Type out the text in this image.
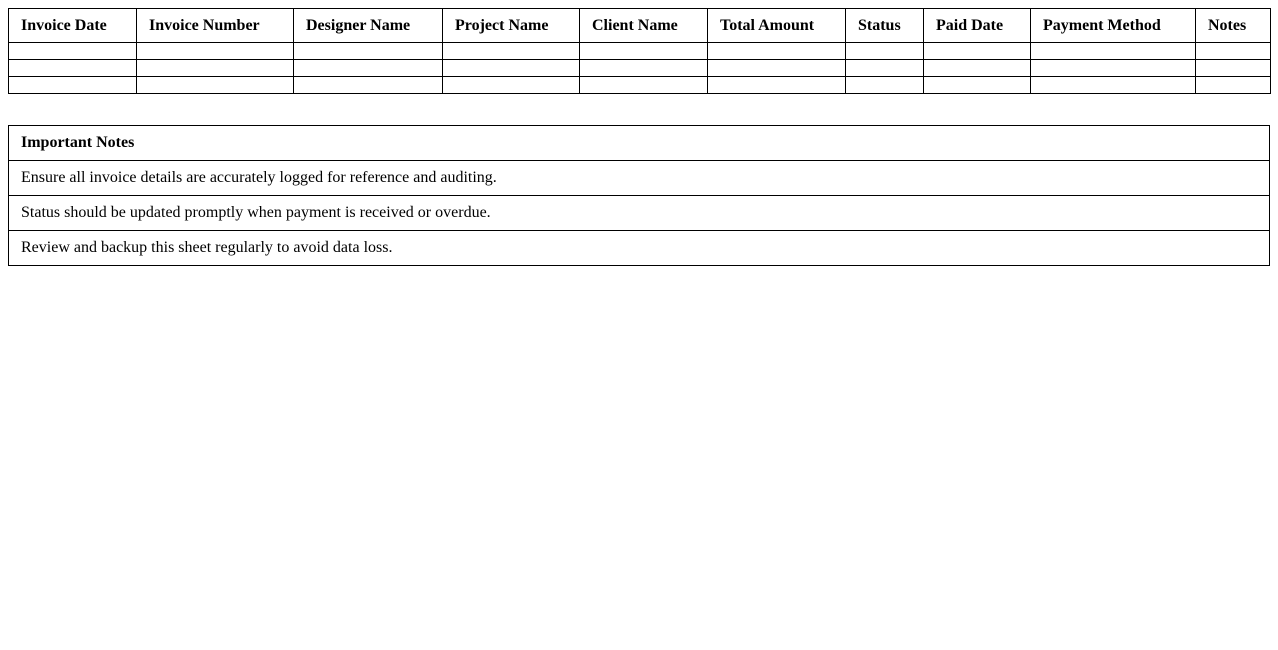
Invoice Date	Invoice Number	Designer Name	Project Name	Client Name	Total Amount	Status	Paid Date	Payment Method	Notes

Important Notes
Ensure all invoice details are accurately logged for reference and auditing.
Status should be updated promptly when payment is received or overdue.
Review and backup this sheet regularly to avoid data loss.
